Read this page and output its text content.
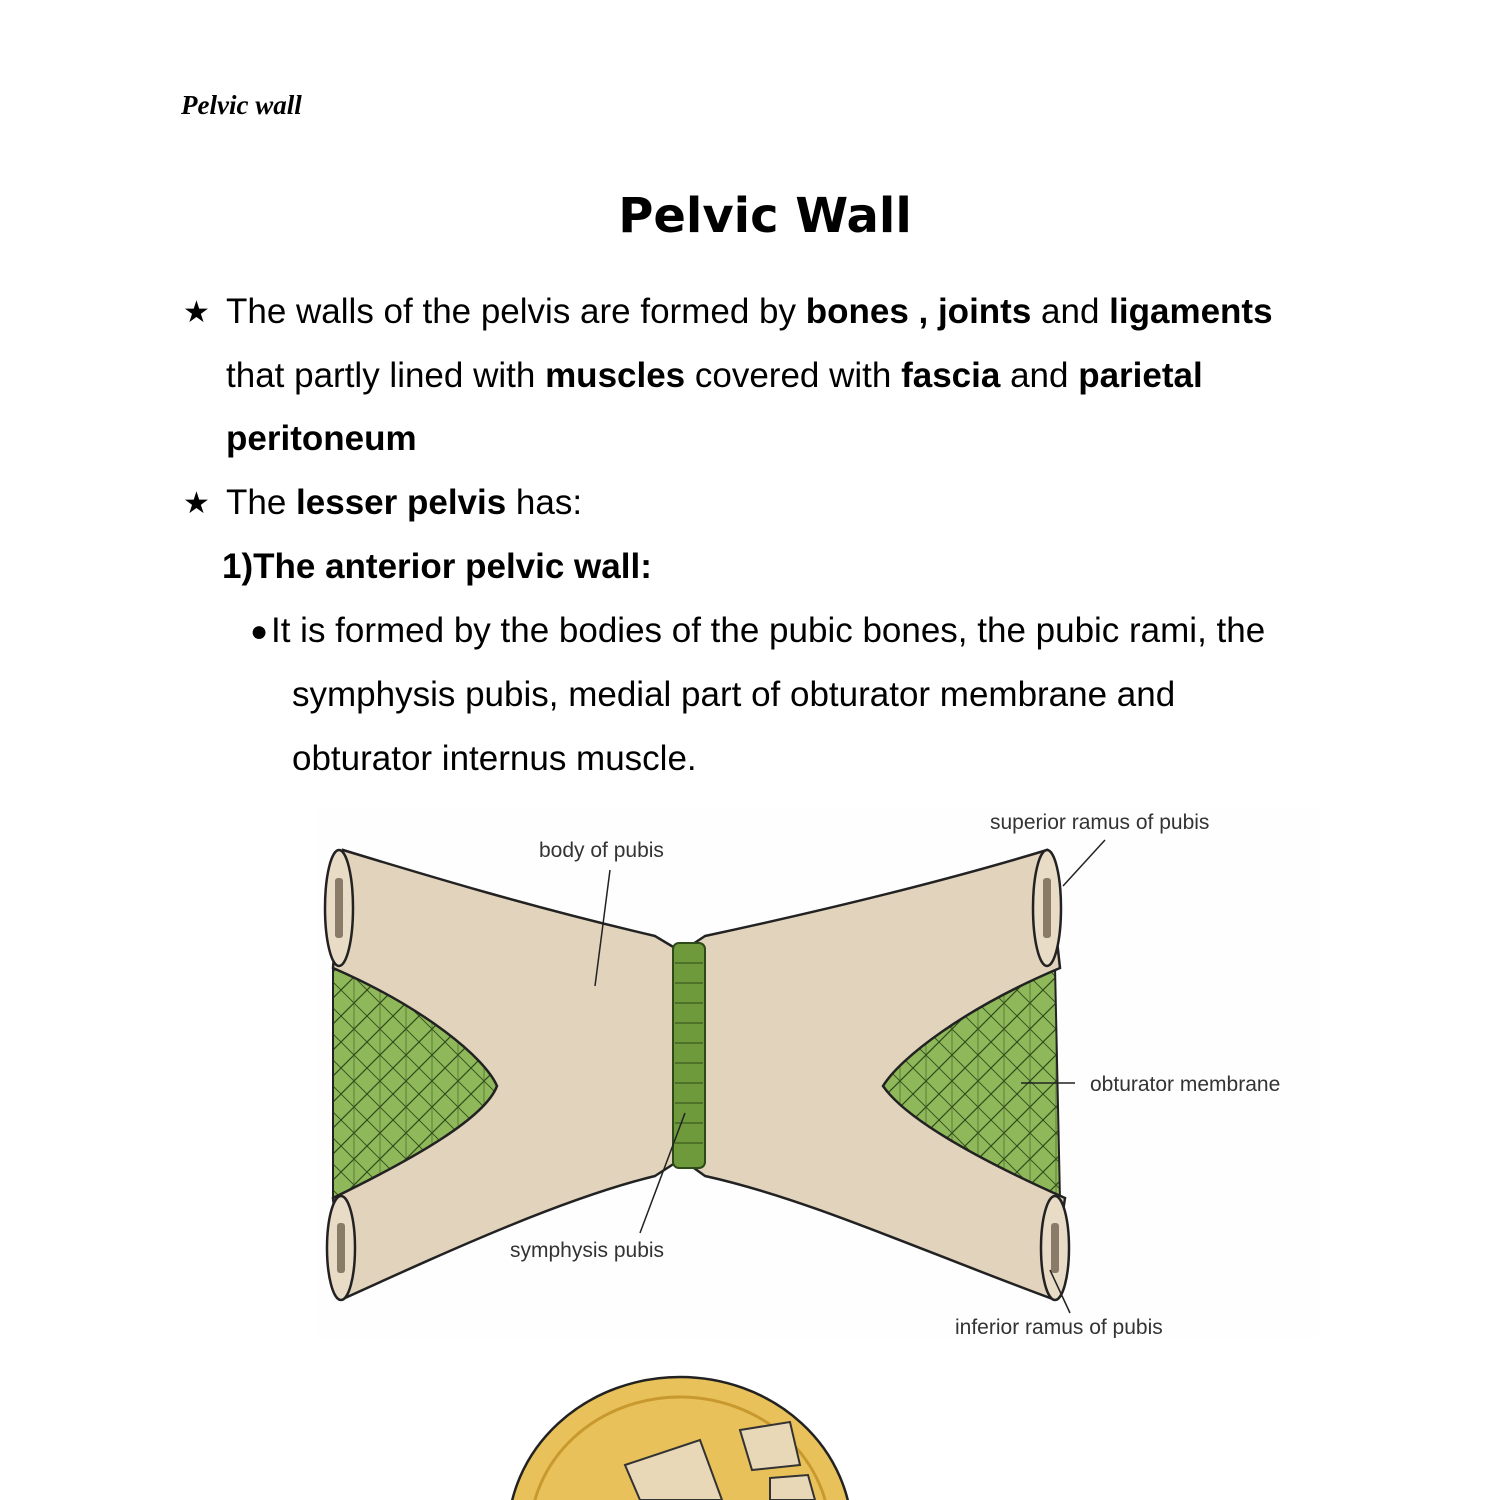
Pelvic wall
Pelvic Wall
★ The walls of the pelvis are formed by bones , joints and ligaments
that partly lined with muscles covered with fascia and parietal
peritoneum
★ The lesser pelvis has:
1)The anterior pelvic wall:
● It is formed by the bodies of the pubic bones, the pubic rami, the
symphysis pubis, medial part of obturator membrane and
obturator internus muscle.
superior ramus of pubis
body of pubis
obturator membrane
symphysis pubis
inferior ramus of pubis
